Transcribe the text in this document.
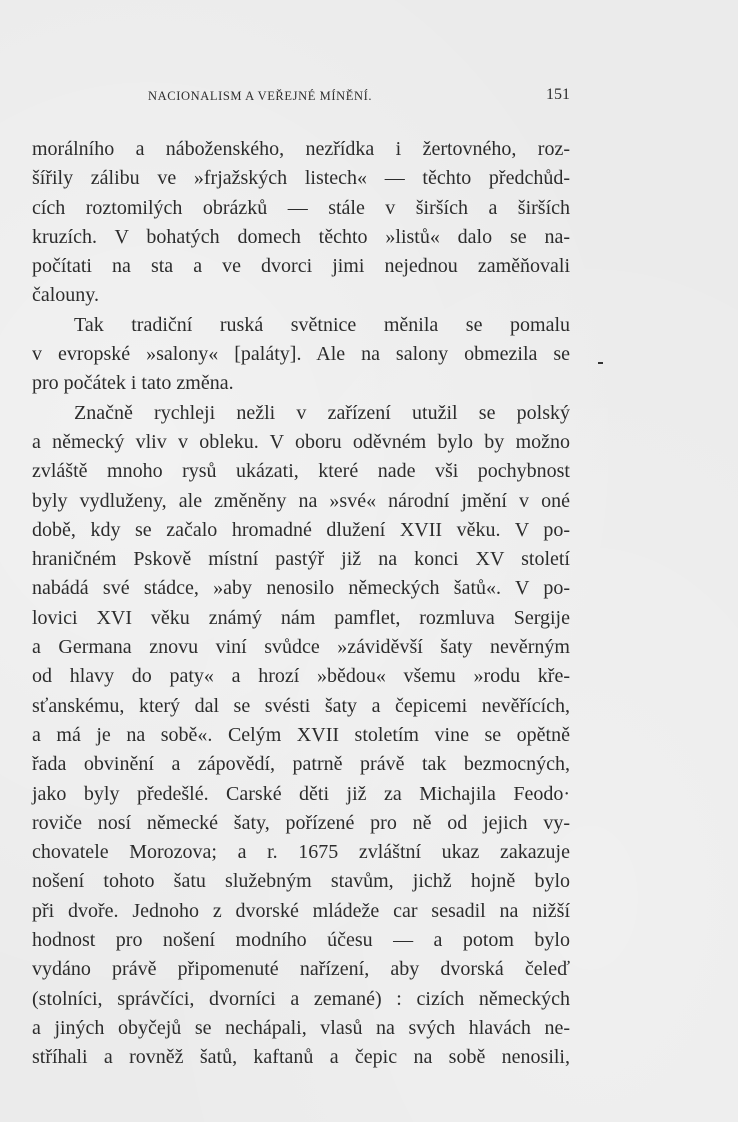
NACIONALISM A VEŘEJNÉ MÍNĚNÍ.	151
morálního a náboženského, nezřídka i žertovného, roz-
šířily zálibu ve »frjažských listech« — těchto předchůd-
cích roztomilých obrázků — stále v širších a širších
kruzích. V bohatých domech těchto »listů« dalo se na-
počítati na sta a ve dvorci jimi nejednou zaměňovali
čalouny.
Tak tradiční ruská světnice měnila se pomalu
v evropské »salony« [paláty]. Ale na salony obmezila se
pro počátek i tato změna.
Značně rychleji nežli v zařízení utužil se polský
a německý vliv v obleku. V oboru oděvném bylo by možno
zvláště mnoho rysů ukázati, které nade vši pochybnost
byly vydluženy, ale změněny na »své« národní jmění v oné
době, kdy se začalo hromadné dlužení XVII věku. V po-
hraničném Pskově místní pastýř již na konci XV století
nabádá své stádce, »aby nenosilo německých šatů«. V po-
lovici XVI věku známý nám pamflet, rozmluva Sergije
a Germana znovu viní svůdce »záviděvší šaty nevěrným
od hlavy do paty« a hrozí »bědou« všemu »rodu kře-
sťanskému, který dal se svésti šaty a čepicemi nevěřících,
a má je na sobě«. Celým XVII stoletím vine se opětně
řada obvinění a zápovědí, patrně právě tak bezmocných,
jako byly předešlé. Carské děti již za Michajila Feodo·
roviče nosí německé šaty, pořízené pro ně od jejich vy-
chovatele Morozova; a r. 1675 zvláštní ukaz zakazuje
nošení tohoto šatu služebným stavům, jichž hojně bylo
při dvoře. Jednoho z dvorské mládeže car sesadil na nižší
hodnost pro nošení modního účesu — a potom bylo
vydáno právě připomenuté nařízení, aby dvorská čeleď
(stolníci, správčíci, dvorníci a zemané) : cizích německých
a jiných obyčejů se nechápali, vlasů na svých hlavách ne-
stříhali a rovněž šatů, kaftanů a čepic na sobě nenosili,
